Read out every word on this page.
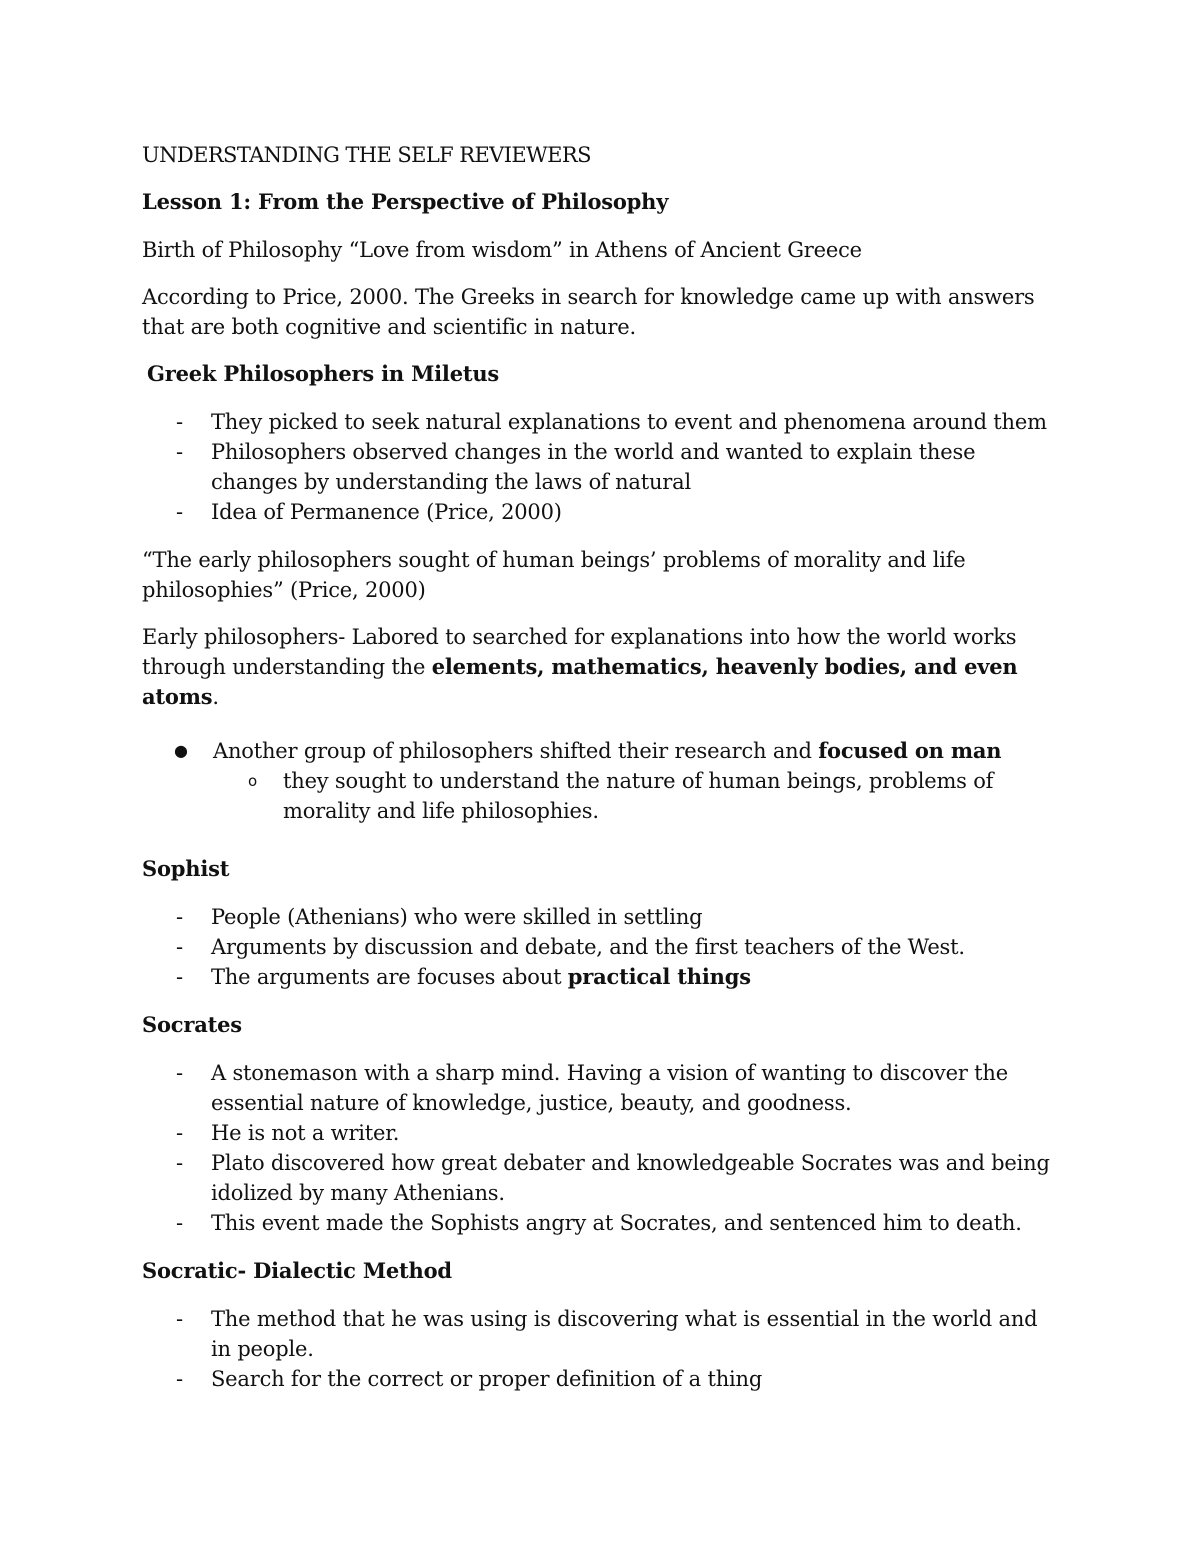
UNDERSTANDING THE SELF REVIEWERS

Lesson 1: From the Perspective of Philosophy

Birth of Philosophy “Love from wisdom” in Athens of Ancient Greece

According to Price, 2000. The Greeks in search for knowledge came up with answers that are both cognitive and scientific in nature.

Greek Philosophers in Miletus

- They picked to seek natural explanations to event and phenomena around them
- Philosophers observed changes in the world and wanted to explain these changes by understanding the laws of natural
- Idea of Permanence (Price, 2000)

“The early philosophers sought of human beings’ problems of morality and life philosophies” (Price, 2000)

Early philosophers- Labored to searched for explanations into how the world works through understanding the elements, mathematics, heavenly bodies, and even atoms.

● Another group of philosophers shifted their research and focused on man
o they sought to understand the nature of human beings, problems of morality and life philosophies.

Sophist

- People (Athenians) who were skilled in settling
- Arguments by discussion and debate, and the first teachers of the West.
- The arguments are focuses about practical things

Socrates

- A stonemason with a sharp mind. Having a vision of wanting to discover the essential nature of knowledge, justice, beauty, and goodness.
- He is not a writer.
- Plato discovered how great debater and knowledgeable Socrates was and being idolized by many Athenians.
- This event made the Sophists angry at Socrates, and sentenced him to death.

Socratic- Dialectic Method

- The method that he was using is discovering what is essential in the world and in people.
- Search for the correct or proper definition of a thing
